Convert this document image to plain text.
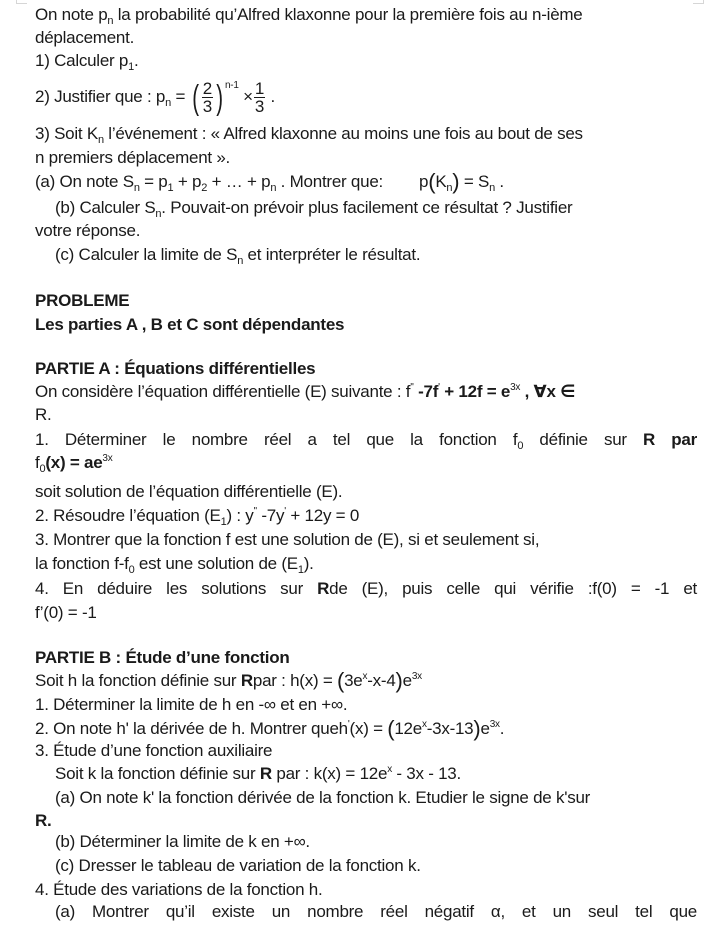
On note $p_n$ la probabilité qu’Alfred klaxonne pour la première fois au n-ième
déplacement.
1) Calculer $p_1$.
2) Justifier que : $p_n$ = ( $\frac{2}{3}$ ) $^{n-1} \times \frac{1}{3}$ .
3) Soit $K_n$ l’événement : « Alfred klaxonne au moins une fois au bout de ses
n premiers déplacement ».
(a) On note $S_n = p_1 + p_2$ + … + $p_n$ . Montrer que: $p(K_n) = S_n$ .
(b) Calculer $S_n$. Pouvait-on prévoir plus facilement ce résultat ? Justifier
votre réponse.
(c) Calculer la limite de $S_n$ et interpréter le résultat.
PROBLEME
Les parties A , B et C sont dépendantes
PARTIE A : Équations différentielles
On considère l’équation différentielle (E) suivante : f'' $-7f' + 12f = e^{3x}$ , ∀x ∈
R.
1. Déterminer le nombre réel a tel que la fonction $f_0$ définie sur R par
$f_0(x) = ae^{3x}$
soit solution de l’équation différentielle (E).
2. Résoudre l’équation $(E_1)$ : y'' -7y' + 12y = 0
3. Montrer que la fonction f est une solution de (E), si et seulement si,
la fonction $f-f_0$ est une solution de $(E_1)$.
4. En déduire les solutions sur Rde (E), puis celle qui vérifie :f(0) = -1 et
f’(0) = -1
PARTIE B : Étude d’une fonction
Soit h la fonction définie sur Rpar : $h(x) = (3e^x-x-4)e^{3x}$
1. Déterminer la limite de h en -∞ et en +∞.
2. On note h' la dérivée de h. Montrer queh'(x) = $(12e^x-3x-13)e^{3x}$.
3. Étude d’une fonction auxiliaire
Soit k la fonction définie sur R par : $k(x) = 12e^x - 3x - 13$.
(a) On note k' la fonction dérivée de la fonction k. Etudier le signe de k'sur
R.
(b) Déterminer la limite de k en +∞.
(c) Dresser le tableau de variation de la fonction k.
4. Étude des variations de la fonction h.
(a) Montrer qu’il existe un nombre réel négatif α, et un seul tel que
